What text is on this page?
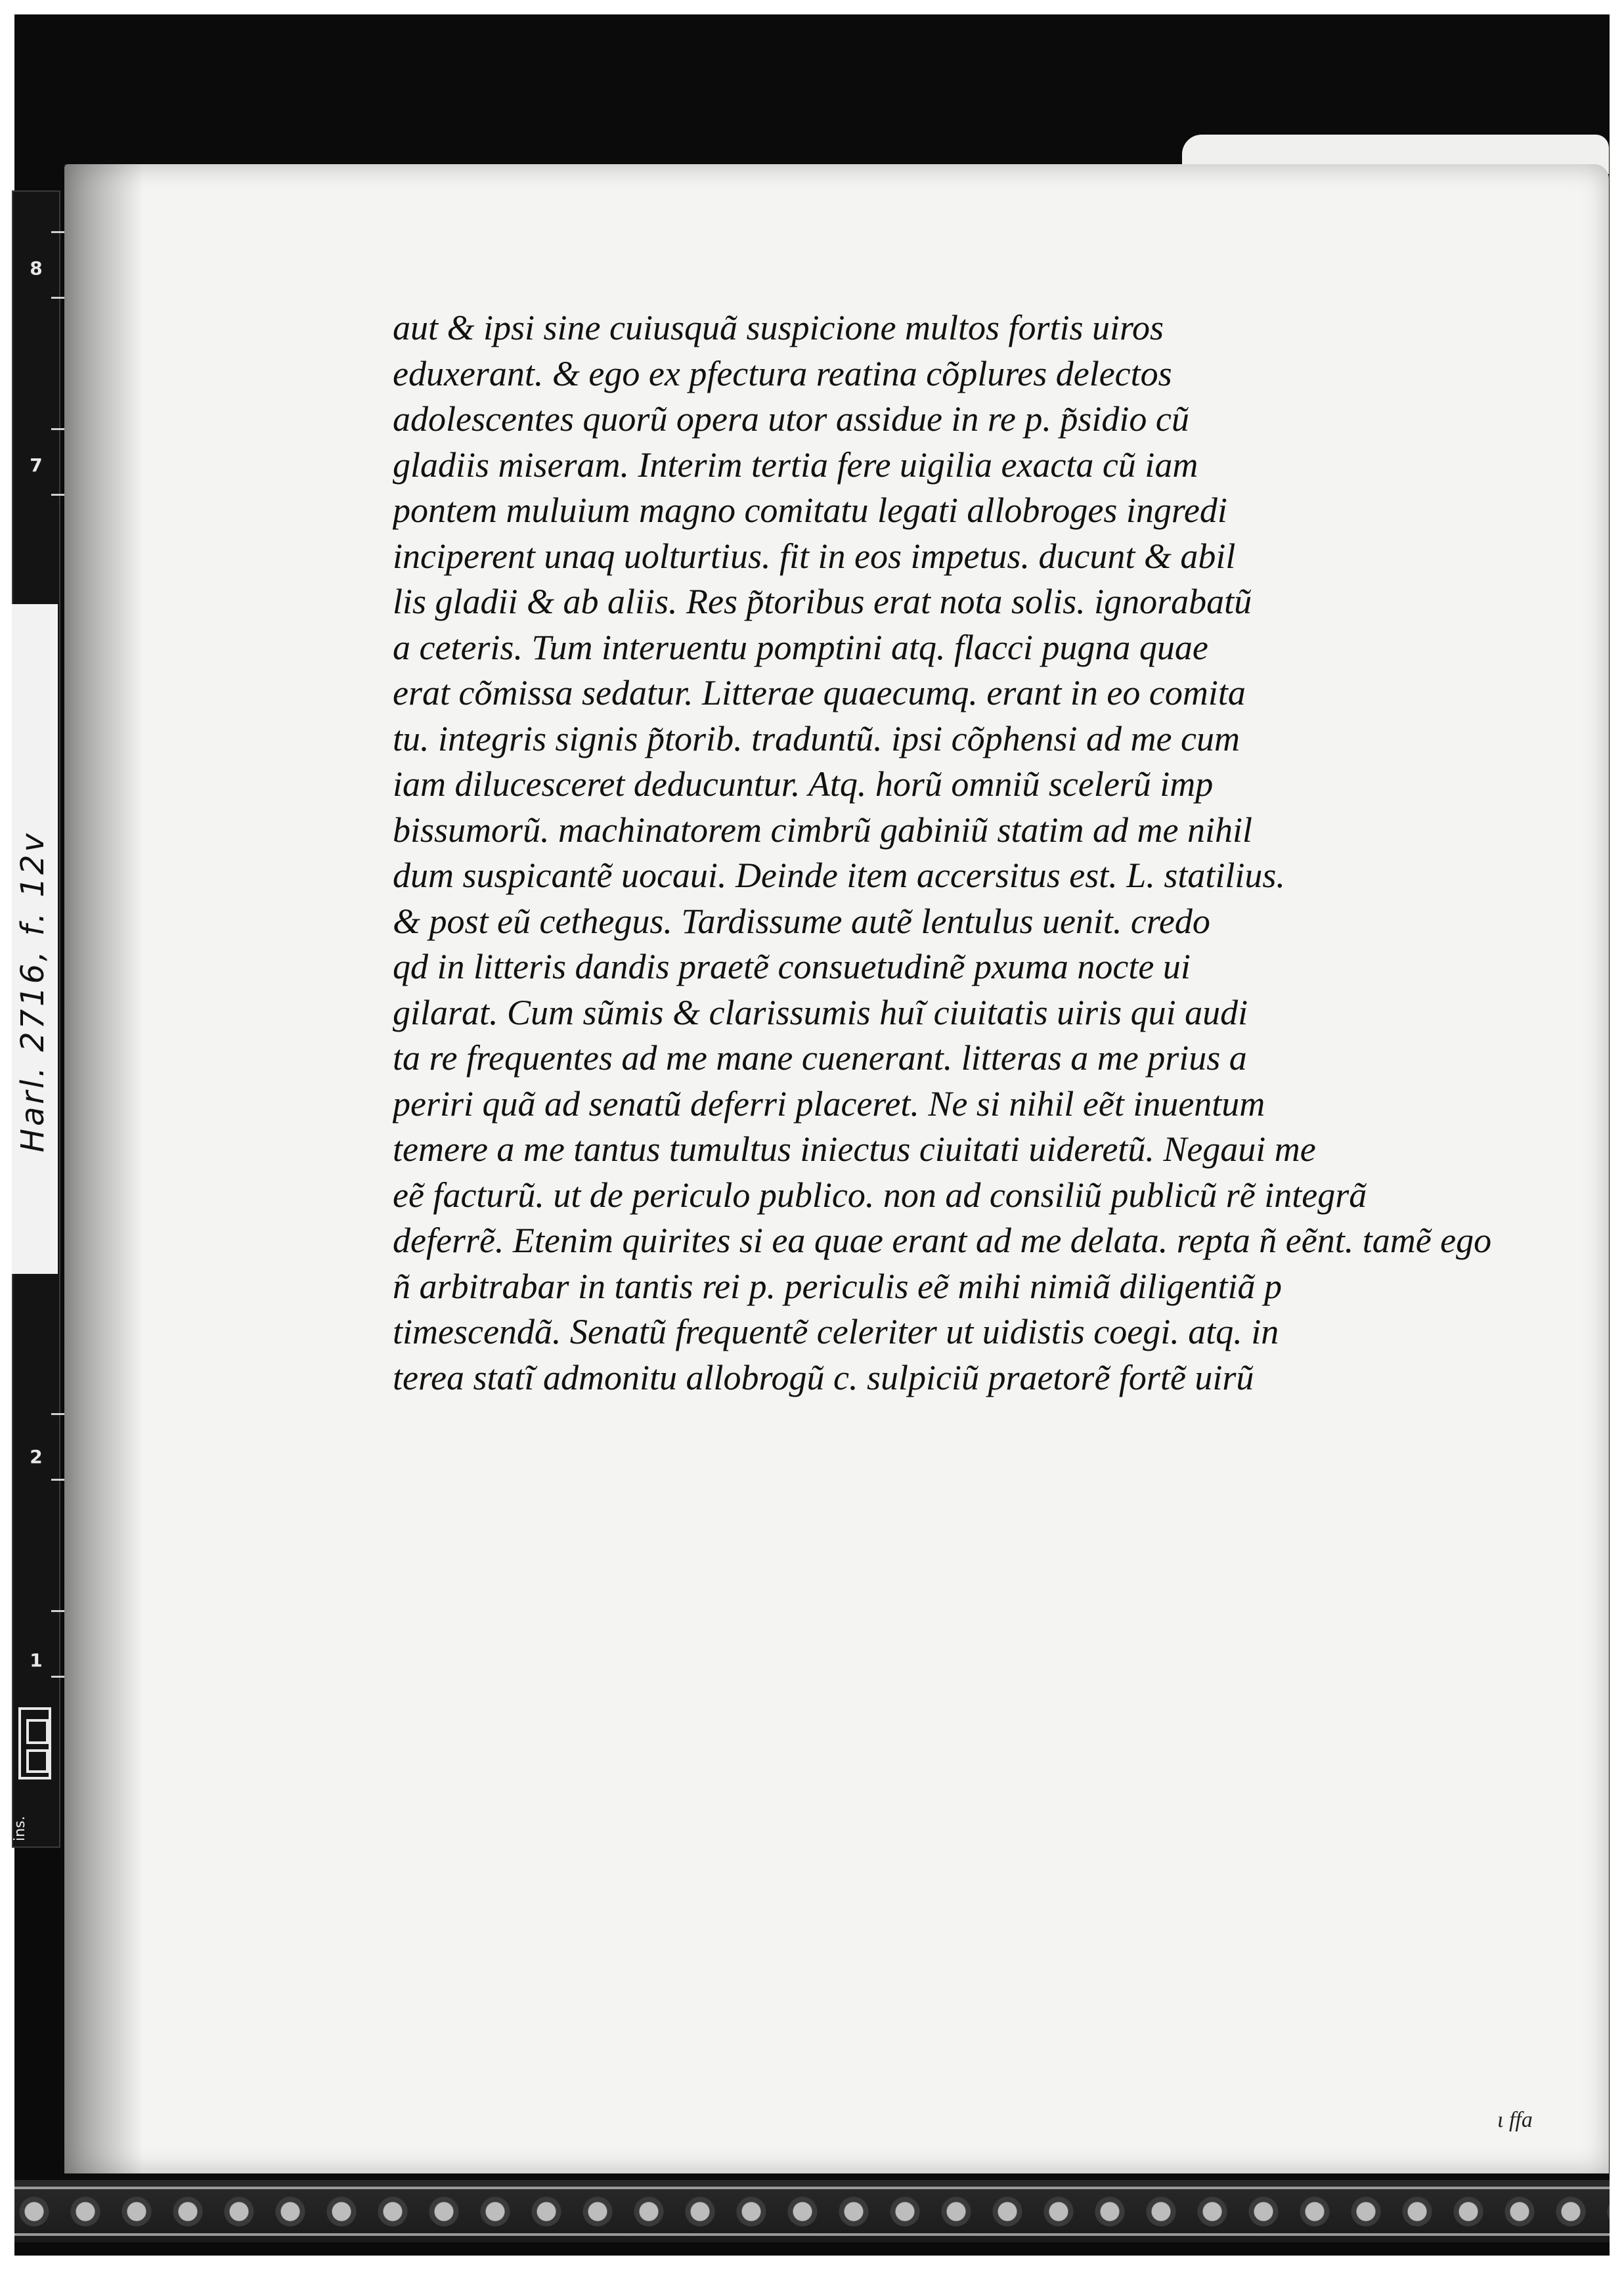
8
7
2
1
Harl. 2716, f. 12v
ins.
aut & ipsi sine cuiusquã suspicione multos fortis uiros
eduxerant. & ego ex pfectura reatina cõplures delectos
adolescentes quorũ opera utor assidue in re p. p̃sidio cũ
gladiis miseram. Interim tertia fere uigilia exacta cũ iam
pontem muluium magno comitatu legati allobroges ingredi
inciperent unaq uolturtius. fit in eos impetus. ducunt & abil
lis gladii & ab aliis. Res p̃toribus erat nota solis. ignorabatũ
a ceteris. Tum interuentu pomptini atq. flacci pugna quae
erat cõmissa sedatur. Litterae quaecumq. erant in eo comita
tu. integris signis p̃torib. traduntũ. ipsi cõphensi ad me cum
iam dilucesceret deducuntur. Atq. horũ omniũ scelerũ imp
bissumorũ. machinatorem cimbrũ gabiniũ statim ad me nihil
dum suspicantẽ uocaui. Deinde item accersitus est. L. statilius.
& post eũ cethegus. Tardissume autẽ lentulus uenit. credo
qd in litteris dandis praetẽ consuetudinẽ pxuma nocte ui
gilarat. Cum sũmis & clarissumis huĩ ciuitatis uiris qui audi
ta re frequentes ad me mane cuenerant. litteras a me prius a
periri quã ad senatũ deferri placeret. Ne si nihil eẽt inuentum
temere a me tantus tumultus iniectus ciuitati uideretũ. Negaui me
eẽ facturũ. ut de periculo publico. non ad consiliũ publicũ rẽ integrã
deferrẽ. Etenim quirites si ea quae erant ad me delata. repta ñ eẽnt. tamẽ ego
ñ arbitrabar in tantis rei p. periculis eẽ mihi nimiã diligentiã p
timescendã. Senatũ frequentẽ celeriter ut uidistis coegi. atq. in
terea statĩ admonitu allobrogũ c. sulpiciũ praetorẽ fortẽ uirũ
ι ffa
